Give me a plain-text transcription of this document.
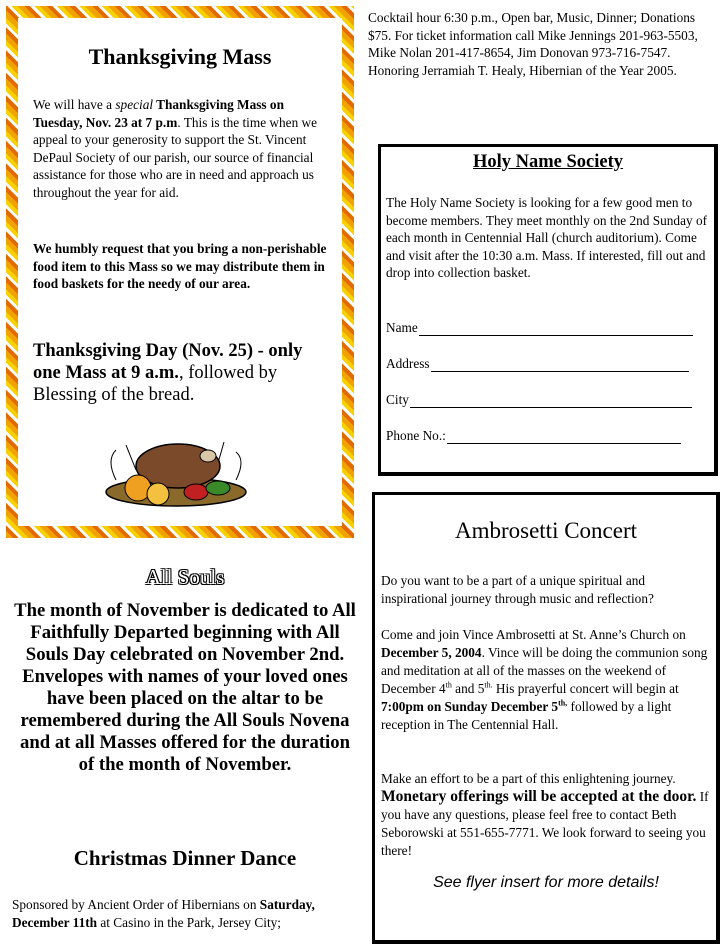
Thanksgiving Mass
We will have a special Thanksgiving Mass on Tuesday, Nov. 23 at 7 p.m. This is the time when we appeal to your generosity to support the St. Vincent DePaul Society of our parish, our source of financial assistance for those who are in need and approach us throughout the year for aid.
We humbly request that you bring a non-perishable food item to this Mass so we may distribute them in food baskets for the needy of our area.
Thanksgiving Day (Nov. 25) - only one Mass at 9 a.m., followed by Blessing of the bread.
All Souls
The month of November is dedicated to All Faithfully Departed beginning with All Souls Day celebrated on November 2nd. Envelopes with names of your loved ones have been placed on the altar to be remembered during the All Souls Novena and at all Masses offered for the duration of the month of November.
Christmas Dinner Dance
Sponsored by Ancient Order of Hibernians on Saturday, December 11th at Casino in the Park, Jersey City;
Cocktail hour 6:30 p.m., Open bar, Music, Dinner; Donations $75. For ticket information call Mike Jennings 201-963-5503, Mike Nolan 201-417-8654, Jim Donovan 973-716-7547. Honoring Jerramiah T. Healy, Hibernian of the Year 2005.
Holy Name Society
The Holy Name Society is looking for a few good men to become members. They meet monthly on the 2nd Sunday of each month in Centennial Hall (church auditorium). Come and visit after the 10:30 a.m. Mass. If interested, fill out and drop into collection basket.
Name
Address
City
Phone No.:
Ambrosetti Concert
Do you want to be a part of a unique spiritual and inspirational journey through music and reflection?
Come and join Vince Ambrosetti at St. Anne’s Church on December 5, 2004. Vince will be doing the communion song and meditation at all of the masses on the weekend of December 4th and $5^{th.}$ His prayerful concert will begin at 7:00pm on Sunday December $5^{th,}$ followed by a light reception in The Centennial Hall.
Make an effort to be a part of this enlightening journey. Monetary offerings will be accepted at the door. If you have any questions, please feel free to contact Beth Seborowski at 551-655-7771. We look forward to seeing you there!
See flyer insert for more details!
